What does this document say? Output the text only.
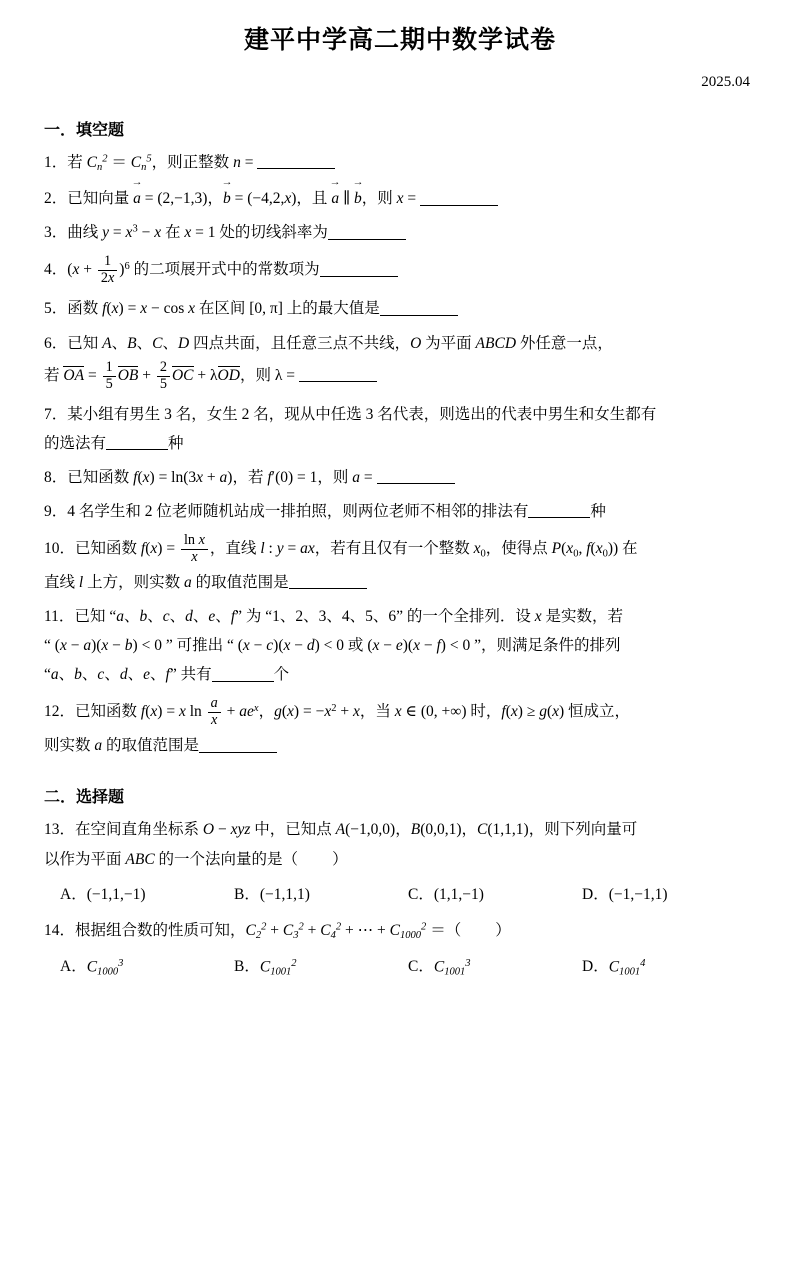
建平中学高二期中数学试卷
2025.04
一．填空题
1．若 $C_n^2 = C_n^5$，则正整数 n =
2．已知向量 → a = (2,−1,3)，→ b = (−4,2,x)，且 → a ∥ → b，则 x =
3．曲线 $y = x^3 - x$ 在 x = 1 处的切线斜率为
4．$(x + \frac{1}{2x} )^6$ 的二项展开式中的常数项为
5．函数 f(x) = x − cos x 在区间 [0, π] 上的最大值是
6．已知 A、B、C、D 四点共面，且任意三点不共线，O 为平面 ABCD 外任意一点，
若 OA = $\frac{1}{5}$ OB + $\frac{2}{5}$ OC + λOD，则 λ =
7．某小组有男生 3 名，女生 2 名，现从中任选 3 名代表，则选出的代表中男生和女生都有
的选法有	种
8．已知函数 f(x) = ln(3x + a)，若 f′(0) = 1，则 a =
9．4 名学生和 2 位老师随机站成一排拍照，则两位老师不相邻的排法有	种
10．已知函数 $f(x) = \frac{\text{ln x}}{x}$ ，直线 l : y = ax，若有且仅有一个整数 $x_0$，使得点 $P(x_0$, $f(x_0)$) 在
直线 l 上方，则实数 a 的取值范围是
11．已知 “a、b、c、d、e、f” 为 “1、2、3、4、5、6” 的一个全排列．设 x 是实数，若
“ (x − a)(x − b) < 0 ” 可推出 “ (x − c)(x − d) < 0 或 (x − e)(x − f) < 0 ”，则满足条件的排列
“a、b、c、d、e、f” 共有	个
12．已知函数 f(x) = x $\ln \frac{a}{x} + ae^x$，$g(x) = -x^2 + x$，当 x ∈ (0, +∞) 时，f(x) ≥ g(x) 恒成立，
则实数 a 的取值范围是
二．选择题
13．在空间直角坐标系 O − xyz 中，已知点 A(−1,0,0)，B(0,0,1)，C(1,1,1)，则下列向量可
以作为平面 ABC 的一个法向量的是（ ）
A．(−1,1,−1)	B．(−1,1,1)	C．(1,1,−1)	D．(−1,−1,1)
14．根据组合数的性质可知，$C_2^2 + C_3^2 + C_4^2$ + ⋯ + $C_{1000}^2$ ＝（ ）
A．$C_{1000}^3$	B．$C_{1001}^2$	C．$C_{1001}^3$	D．$C_{1001}^4$
